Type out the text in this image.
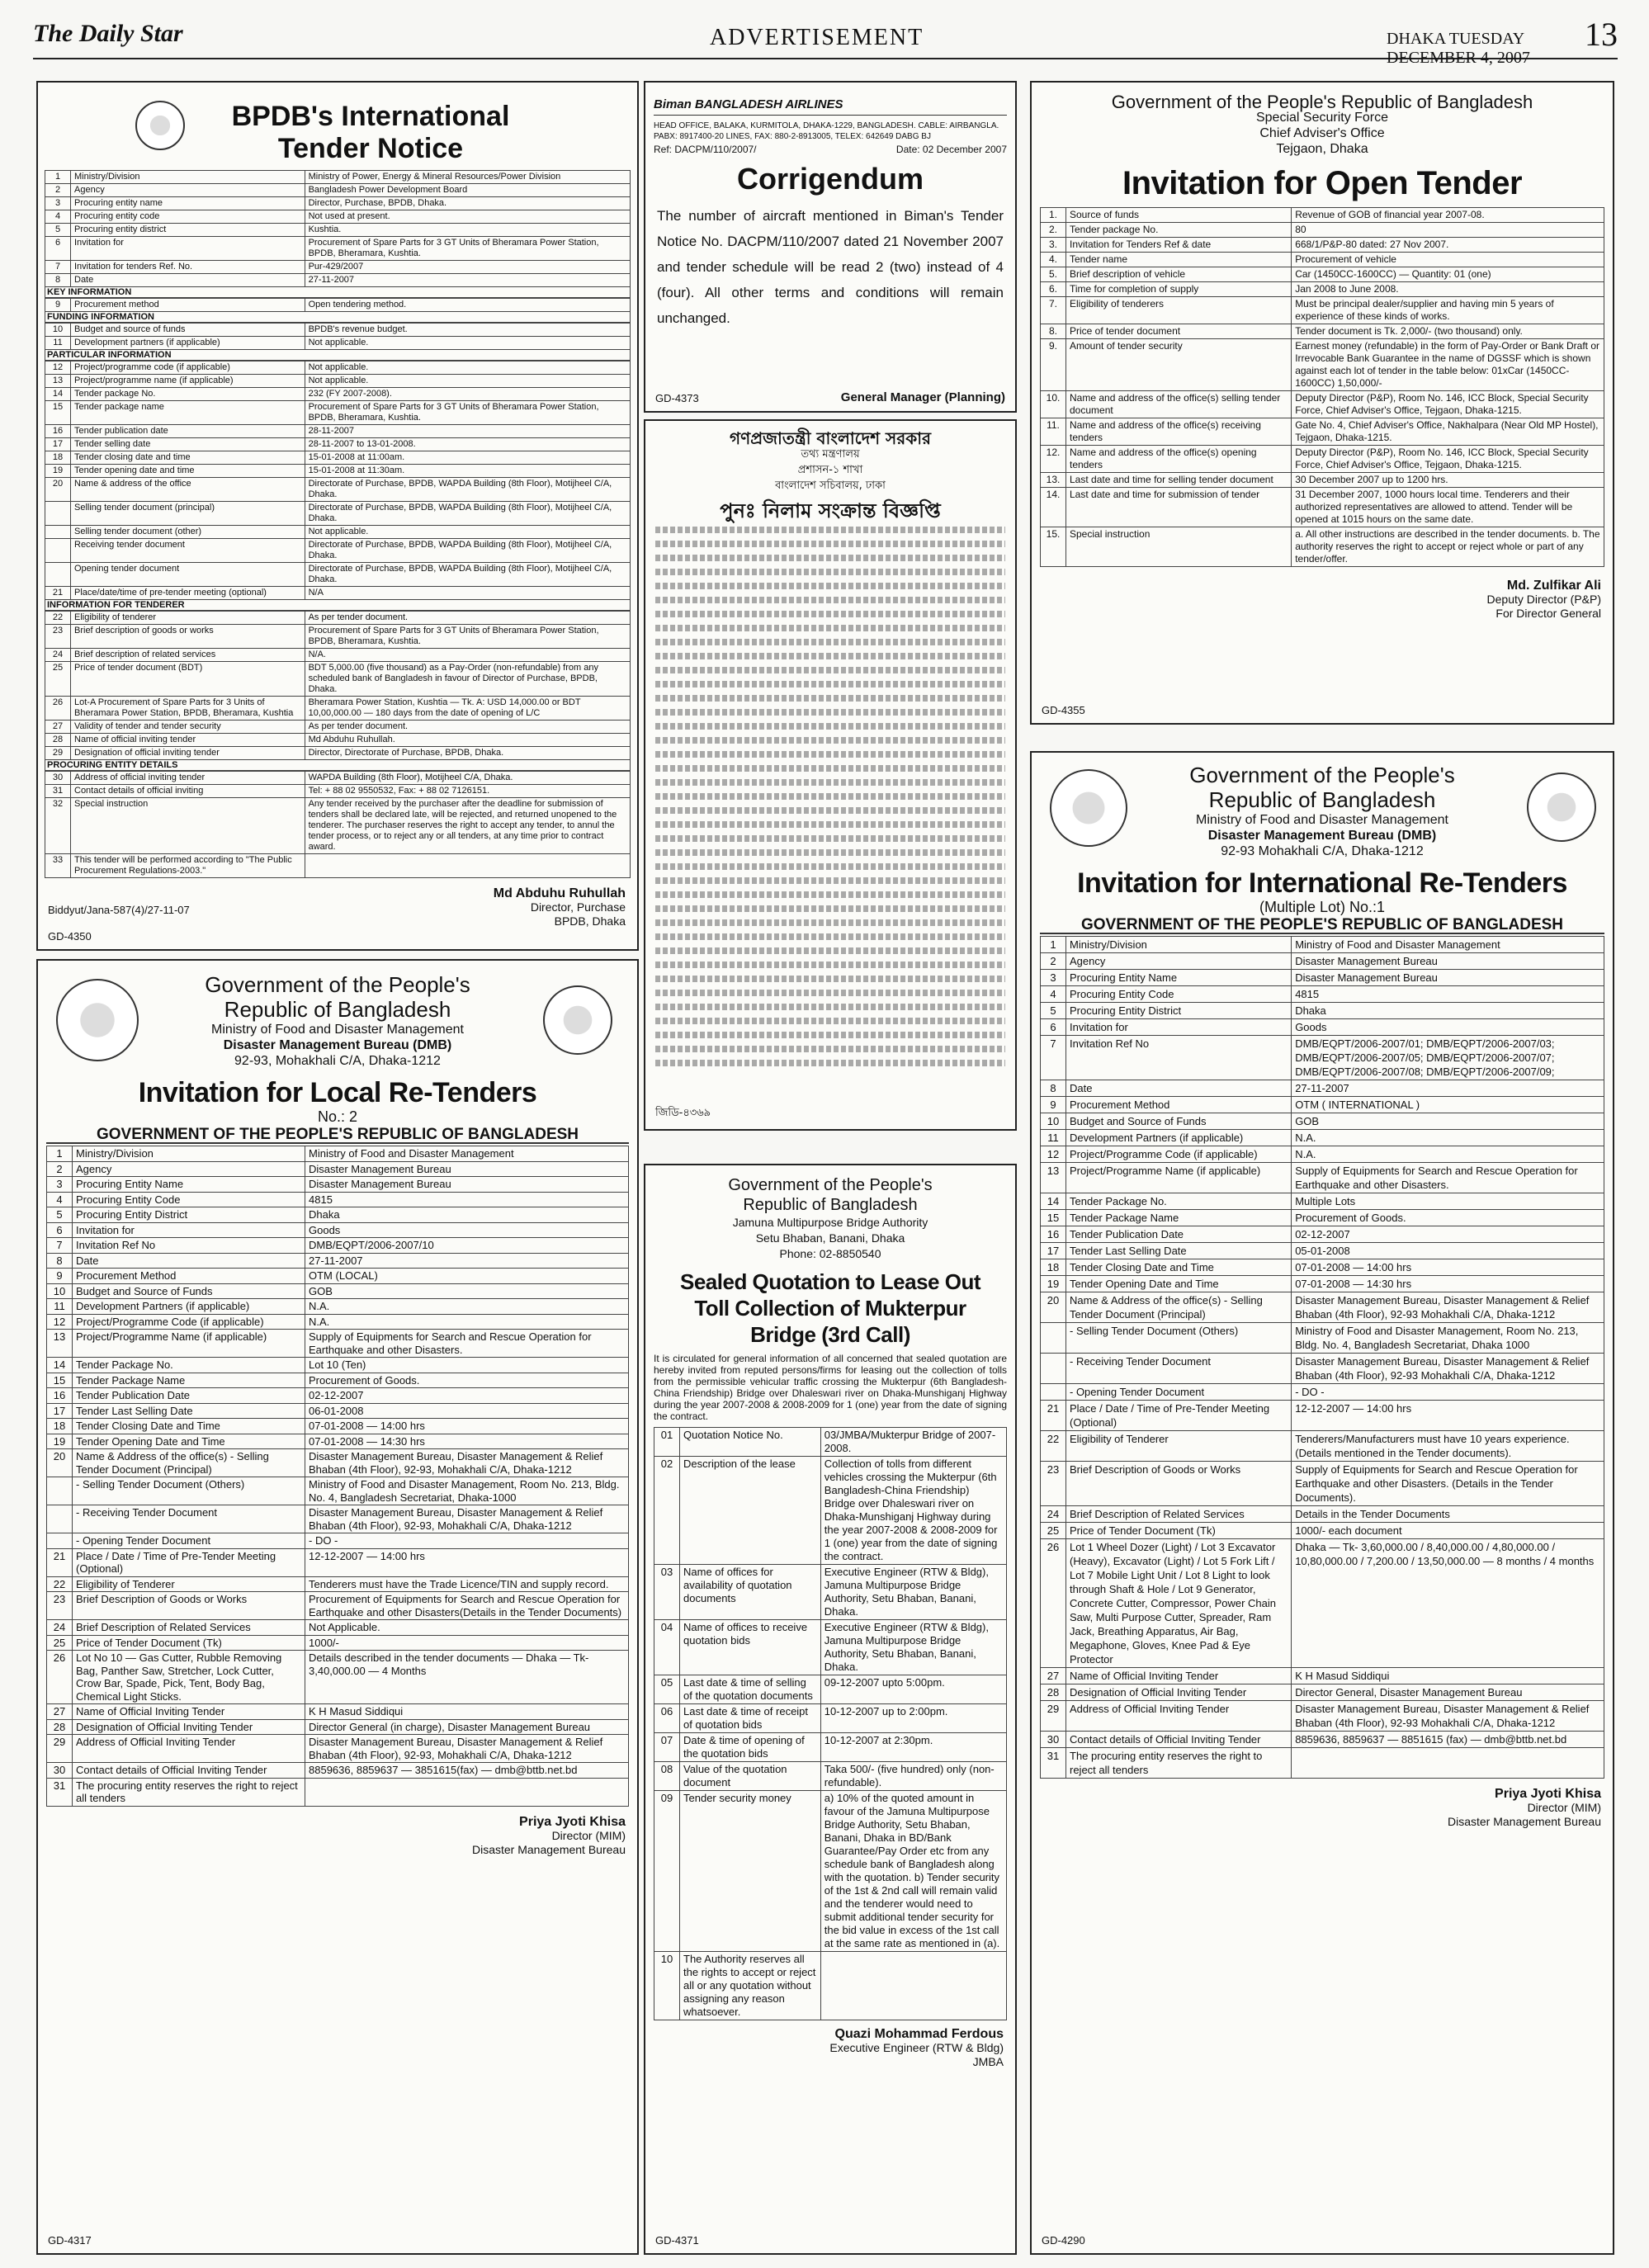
The Daily Star	ADVERTISEMENT	DHAKA TUESDAY DECEMBER 4, 2007
13
BPDB's International
Tender Notice
1	Ministry/Division	Ministry of Power, Energy & Mineral Resources/Power Division
2	Agency	Bangladesh Power Development Board
3	Procuring entity name	Director, Purchase, BPDB, Dhaka.
4	Procuring entity code	Not used at present.
5	Procuring entity district	Kushtia.
6	Invitation for	Procurement of Spare Parts for 3 GT Units of Bheramara Power Station, BPDB, Bheramara, Kushtia.
7	Invitation for tenders Ref. No.	Pur-429/2007
8	Date	27-11-2007
KEY INFORMATION
9	Procurement method	Open tendering method.
FUNDING INFORMATION
10	Budget and source of funds	BPDB's revenue budget.
11	Development partners (if applicable)	Not applicable.
PARTICULAR INFORMATION
12	Project/programme code (if applicable)	Not applicable.
13	Project/programme name (if applicable)	Not applicable.
14	Tender package No.	232 (FY 2007-2008).
15	Tender package name	Procurement of Spare Parts for 3 GT Units of Bheramara Power Station, BPDB, Bheramara, Kushtia.
16	Tender publication date	28-11-2007
17	Tender selling date	28-11-2007 to 13-01-2008.
18	Tender closing date and time	15-01-2008 at 11:00am.
19	Tender opening date and time	15-01-2008 at 11:30am.
20	Name & address of the office	Directorate of Purchase, BPDB, WAPDA Building (8th Floor), Motijheel C/A, Dhaka.
	Selling tender document (principal)	Directorate of Purchase, BPDB, WAPDA Building (8th Floor), Motijheel C/A, Dhaka.
	Selling tender document (other)	Not applicable.
	Receiving tender document	Directorate of Purchase, BPDB, WAPDA Building (8th Floor), Motijheel C/A, Dhaka.
	Opening tender document	Directorate of Purchase, BPDB, WAPDA Building (8th Floor), Motijheel C/A, Dhaka.
21	Place/date/time of pre-tender meeting (optional)	N/A
INFORMATION FOR TENDERER
22	Eligibility of tenderer	As per tender document.
23	Brief description of goods or works	Procurement of Spare Parts for 3 GT Units of Bheramara Power Station, BPDB, Bheramara, Kushtia.
24	Brief description of related services	N/A.
25	Price of tender document (BDT)	BDT 5,000.00 (five thousand) as a Pay-Order (non-refundable) from any scheduled bank of Bangladesh in favour of Director of Purchase, BPDB, Dhaka.
26	Lot-A Procurement of Spare Parts for 3 Units of Bheramara Power Station, BPDB, Bheramara, Kushtia	Bheramara Power Station, Kushtia — Tk. A: USD 14,000.00 or BDT 10,00,000.00 — 180 days from the date of opening of L/C
27	Validity of tender and tender security	As per tender document.
28	Name of official inviting tender	Md Abduhu Ruhullah.
29	Designation of official inviting tender	Director, Directorate of Purchase, BPDB, Dhaka.
PROCURING ENTITY DETAILS
30	Address of official inviting tender	WAPDA Building (8th Floor), Motijheel C/A, Dhaka.
31	Contact details of official inviting	Tel: + 88 02 9550532, Fax: + 88 02 7126151.
32	Special instruction	Any tender received by the purchaser after the deadline for submission of tenders shall be declared late, will be rejected, and returned unopened to the tenderer. The purchaser reserves the right to accept any tender, to annul the tender process, or to reject any or all tenders, at any time prior to contract award.
33	This tender will be performed according to "The Public Procurement Regulations-2003."	
Md Abduhu Ruhullah
Director, Purchase
BPDB, Dhaka
Biddyut/Jana-587(4)/27-11-07
GD-4350
Biman BANGLADESH AIRLINES
HEAD OFFICE, BALAKA, KURMITOLA, DHAKA-1229, BANGLADESH. CABLE: AIRBANGLA.
PABX: 8917400-20 LINES, FAX: 880-2-8913005, TELEX: 642649 DABG BJ
Ref: DACPM/110/2007/	Date: 02 December 2007
Corrigendum
The number of aircraft mentioned in Biman's Tender Notice No. DACPM/110/2007 dated 21 November 2007 and tender schedule will be read 2 (two) instead of 4 (four). All other terms and conditions will remain unchanged.
GD-4373	General Manager (Planning)
গণপ্রজাতন্ত্রী বাংলাদেশ সরকার
তথ্য মন্ত্রণালয়
প্রশাসন-১ শাখা
বাংলাদেশ সচিবালয়, ঢাকা
পুনঃ নিলাম সংক্রান্ত বিজ্ঞপ্তি
জিডি-৪৩৬৯
Government of the People's Republic of Bangladesh
Special Security Force
Chief Adviser's Office
Tejgaon, Dhaka
Invitation for Open Tender
1.	Source of funds	Revenue of GOB of financial year 2007-08.
2.	Tender package No.	80
3.	Invitation for Tenders Ref & date	668/1/P&P-80 dated: 27 Nov 2007.
4.	Tender name	Procurement of vehicle
5.	Brief description of vehicle	Car (1450CC-1600CC) — Quantity: 01 (one)
6.	Time for completion of supply	Jan 2008 to June 2008.
7.	Eligibility of tenderers	Must be principal dealer/supplier and having min 5 years of experience of these kinds of works.
8.	Price of tender document	Tender document is Tk. 2,000/- (two thousand) only.
9.	Amount of tender security	Earnest money (refundable) in the form of Pay-Order or Bank Draft or Irrevocable Bank Guarantee in the name of DGSSF which is shown against each lot of tender in the table below: 01xCar (1450CC-1600CC) 1,50,000/-
10.	Name and address of the office(s) selling tender document	Deputy Director (P&P), Room No. 146, ICC Block, Special Security Force, Chief Adviser's Office, Tejgaon, Dhaka-1215.
11.	Name and address of the office(s) receiving tenders	Gate No. 4, Chief Adviser's Office, Nakhalpara (Near Old MP Hostel), Tejgaon, Dhaka-1215.
12.	Name and address of the office(s) opening tenders	Deputy Director (P&P), Room No. 146, ICC Block, Special Security Force, Chief Adviser's Office, Tejgaon, Dhaka-1215.
13.	Last date and time for selling tender document	30 December 2007 up to 1200 hrs.
14.	Last date and time for submission of tender	31 December 2007, 1000 hours local time. Tenderers and their authorized representatives are allowed to attend. Tender will be opened at 1015 hours on the same date.
15.	Special instruction	a. All other instructions are described in the tender documents. b. The authority reserves the right to accept or reject whole or part of any tender/offer.
Md. Zulfikar Ali
Deputy Director (P&P)
For Director General
GD-4355
Government of the People's
Republic of Bangladesh
Ministry of Food and Disaster Management
Disaster Management Bureau (DMB)
92-93, Mohakhali C/A, Dhaka-1212
Invitation for Local Re-Tenders
No.: 2
GOVERNMENT OF THE PEOPLE'S REPUBLIC OF BANGLADESH
1	Ministry/Division	Ministry of Food and Disaster Management
2	Agency	Disaster Management Bureau
3	Procuring Entity Name	Disaster Management Bureau
4	Procuring Entity Code	4815
5	Procuring Entity District	Dhaka
6	Invitation for	Goods
7	Invitation Ref No	DMB/EQPT/2006-2007/10
8	Date	27-11-2007
9	Procurement Method	OTM (LOCAL)
10	Budget and Source of Funds	GOB
11	Development Partners (if applicable)	N.A.
12	Project/Programme Code (if applicable)	N.A.
13	Project/Programme Name (if applicable)	Supply of Equipments for Search and Rescue Operation for Earthquake and other Disasters.
14	Tender Package No.	Lot 10 (Ten)
15	Tender Package Name	Procurement of Goods.
16	Tender Publication Date	02-12-2007
17	Tender Last Selling Date	06-01-2008
18	Tender Closing Date and Time	07-01-2008 — 14:00 hrs
19	Tender Opening Date and Time	07-01-2008 — 14:30 hrs
20	Name & Address of the office(s) - Selling Tender Document (Principal)	Disaster Management Bureau, Disaster Management & Relief Bhaban (4th Floor), 92-93, Mohakhali C/A, Dhaka-1212
	- Selling Tender Document (Others)	Ministry of Food and Disaster Management, Room No. 213, Bldg. No. 4, Bangladesh Secretariat, Dhaka-1000
	- Receiving Tender Document	Disaster Management Bureau, Disaster Management & Relief Bhaban (4th Floor), 92-93, Mohakhali C/A, Dhaka-1212
	- Opening Tender Document	- DO -
21	Place / Date / Time of Pre-Tender Meeting (Optional)	12-12-2007 — 14:00 hrs
22	Eligibility of Tenderer	Tenderers must have the Trade Licence/TIN and supply record.
23	Brief Description of Goods or Works	Procurement of Equipments for Search and Rescue Operation for Earthquake and other Disasters(Details in the Tender Documents)
24	Brief Description of Related Services	Not Applicable.
25	Price of Tender Document (Tk)	1000/-
26	Lot No 10 — Gas Cutter, Rubble Removing Bag, Panther Saw, Stretcher, Lock Cutter, Crow Bar, Spade, Pick, Tent, Body Bag, Chemical Light Sticks.	Details described in the tender documents — Dhaka — Tk- 3,40,000.00 — 4 Months
27	Name of Official Inviting Tender	K H Masud Siddiqui
28	Designation of Official Inviting Tender	Director General (in charge), Disaster Management Bureau
29	Address of Official Inviting Tender	Disaster Management Bureau, Disaster Management & Relief Bhaban (4th Floor), 92-93, Mohakhali C/A, Dhaka-1212
30	Contact details of Official Inviting Tender	8859636, 8859637 — 3851615(fax) — dmb@bttb.net.bd
31	The procuring entity reserves the right to reject all tenders	
Priya Jyoti Khisa
Director (MIM)
Disaster Management Bureau
GD-4317
Government of the People's
Republic of Bangladesh
Jamuna Multipurpose Bridge Authority
Setu Bhaban, Banani, Dhaka
Phone: 02-8850540
Sealed Quotation to Lease Out
Toll Collection of Mukterpur
Bridge (3rd Call)
It is circulated for general information of all concerned that sealed quotation are hereby invited from reputed persons/firms for leasing out the collection of tolls from the permissible vehicular traffic crossing the Mukterpur (6th Bangladesh-China Friendship) Bridge over Dhaleswari river on Dhaka-Munshiganj Highway during the year 2007-2008 & 2008-2009 for 1 (one) year from the date of signing the contract.
01	Quotation Notice No.	03/JMBA/Mukterpur Bridge of 2007-2008.
02	Description of the lease	Collection of tolls from different vehicles crossing the Mukterpur (6th Bangladesh-China Friendship) Bridge over Dhaleswari river on Dhaka-Munshiganj Highway during the year 2007-2008 & 2008-2009 for 1 (one) year from the date of signing the contract.
03	Name of offices for availability of quotation documents	Executive Engineer (RTW & Bldg), Jamuna Multipurpose Bridge Authority, Setu Bhaban, Banani, Dhaka.
04	Name of offices to receive quotation bids	Executive Engineer (RTW & Bldg), Jamuna Multipurpose Bridge Authority, Setu Bhaban, Banani, Dhaka.
05	Last date & time of selling of the quotation documents	09-12-2007 upto 5:00pm.
06	Last date & time of receipt of quotation bids	10-12-2007 up to 2:00pm.
07	Date & time of opening of the quotation bids	10-12-2007 at 2:30pm.
08	Value of the quotation document	Taka 500/- (five hundred) only (non-refundable).
09	Tender security money	a) 10% of the quoted amount in favour of the Jamuna Multipurpose Bridge Authority, Setu Bhaban, Banani, Dhaka in BD/Bank Guarantee/Pay Order etc from any schedule bank of Bangladesh along with the quotation. b) Tender security of the 1st & 2nd call will remain valid and the tenderer would need to submit additional tender security for the bid value in excess of the 1st call at the same rate as mentioned in (a).
10	The Authority reserves all the rights to accept or reject all or any quotation without assigning any reason whatsoever.	
Quazi Mohammad Ferdous
Executive Engineer (RTW & Bldg)
JMBA
GD-4371
Government of the People's
Republic of Bangladesh
Ministry of Food and Disaster Management
Disaster Management Bureau (DMB)
92-93 Mohakhali C/A, Dhaka-1212
Invitation for International Re-Tenders
(Multiple Lot) No.:1
GOVERNMENT OF THE PEOPLE'S REPUBLIC OF BANGLADESH
1	Ministry/Division	Ministry of Food and Disaster Management
2	Agency	Disaster Management Bureau
3	Procuring Entity Name	Disaster Management Bureau
4	Procuring Entity Code	4815
5	Procuring Entity District	Dhaka
6	Invitation for	Goods
7	Invitation Ref No	DMB/EQPT/2006-2007/01; DMB/EQPT/2006-2007/03; DMB/EQPT/2006-2007/05; DMB/EQPT/2006-2007/07; DMB/EQPT/2006-2007/08; DMB/EQPT/2006-2007/09;
8	Date	27-11-2007
9	Procurement Method	OTM ( INTERNATIONAL )
10	Budget and Source of Funds	GOB
11	Development Partners (if applicable)	N.A.
12	Project/Programme Code (if applicable)	N.A.
13	Project/Programme Name (if applicable)	Supply of Equipments for Search and Rescue Operation for Earthquake and other Disasters.
14	Tender Package No.	Multiple Lots
15	Tender Package Name	Procurement of Goods.
16	Tender Publication Date	02-12-2007
17	Tender Last Selling Date	05-01-2008
18	Tender Closing Date and Time	07-01-2008 — 14:00 hrs
19	Tender Opening Date and Time	07-01-2008 — 14:30 hrs
20	Name & Address of the office(s) - Selling Tender Document (Principal)	Disaster Management Bureau, Disaster Management & Relief Bhaban (4th Floor), 92-93 Mohakhali C/A, Dhaka-1212
	- Selling Tender Document (Others)	Ministry of Food and Disaster Management, Room No. 213, Bldg. No. 4, Bangladesh Secretariat, Dhaka 1000
	- Receiving Tender Document	Disaster Management Bureau, Disaster Management & Relief Bhaban (4th Floor), 92-93 Mohakhali C/A, Dhaka-1212
	- Opening Tender Document	- DO -
21	Place / Date / Time of Pre-Tender Meeting (Optional)	12-12-2007 — 14:00 hrs
22	Eligibility of Tenderer	Tenderers/Manufacturers must have 10 years experience. (Details mentioned in the Tender documents).
23	Brief Description of Goods or Works	Supply of Equipments for Search and Rescue Operation for Earthquake and other Disasters. (Details in the Tender Documents).
24	Brief Description of Related Services	Details in the Tender Documents
25	Price of Tender Document (Tk)	1000/- each document
26	Lot 1 Wheel Dozer (Light) / Lot 3 Excavator (Heavy), Excavator (Light) / Lot 5 Fork Lift / Lot 7 Mobile Light Unit / Lot 8 Light to look through Shaft & Hole / Lot 9 Generator, Concrete Cutter, Compressor, Power Chain Saw, Multi Purpose Cutter, Spreader, Ram Jack, Breathing Apparatus, Air Bag, Megaphone, Gloves, Knee Pad & Eye Protector	Dhaka — Tk- 3,60,000.00 / 8,40,000.00 / 4,80,000.00 / 10,80,000.00 / 7,200.00 / 13,50,000.00 — 8 months / 4 months
27	Name of Official Inviting Tender	K H Masud Siddiqui
28	Designation of Official Inviting Tender	Director General, Disaster Management Bureau
29	Address of Official Inviting Tender	Disaster Management Bureau, Disaster Management & Relief Bhaban (4th Floor), 92-93 Mohakhali C/A, Dhaka-1212
30	Contact details of Official Inviting Tender	8859636, 8859637 — 8851615 (fax) — dmb@bttb.net.bd
31	The procuring entity reserves the right to reject all tenders	
Priya Jyoti Khisa
Director (MIM)
Disaster Management Bureau
GD-4290
